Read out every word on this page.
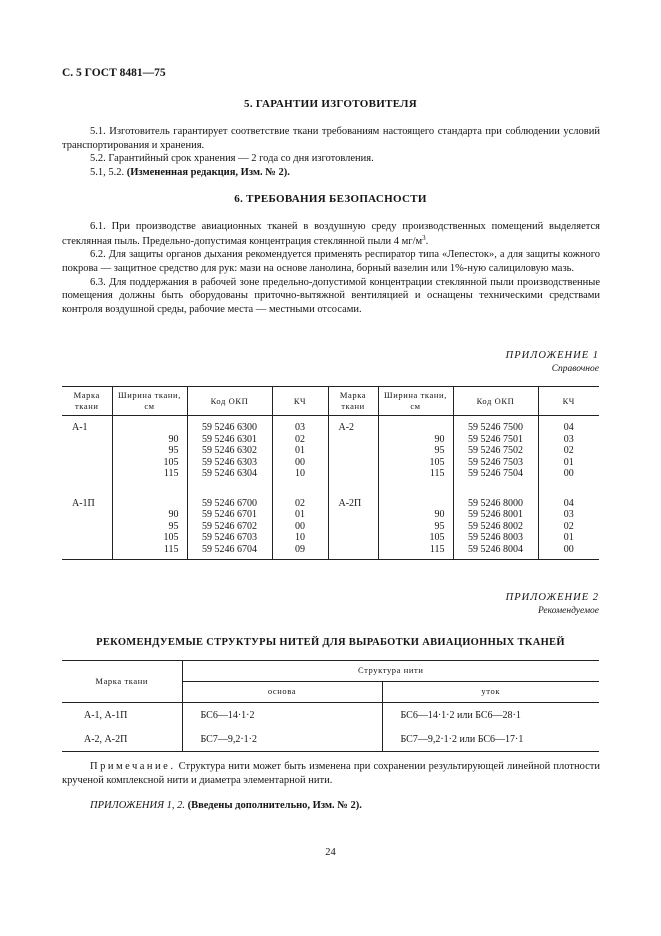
С. 5 ГОСТ 8481—75
5. ГАРАНТИИ ИЗГОТОВИТЕЛЯ

5.1. Изготовитель гарантирует соответствие ткани требованиям настоящего стандарта при соблюдении условий транспортирования и хранения.

5.2. Гарантийный срок хранения — 2 года со дня изготовления.

5.1, 5.2. (Измененная редакция, Изм. № 2).

6. ТРЕБОВАНИЯ БЕЗОПАСНОСТИ

6.1. При производстве авиационных тканей в воздушную среду производственных помещений выделяется стеклянная пыль. Предельно-допустимая концентрация стеклянной пыли 4 $мг/м^3$.

6.2. Для защиты органов дыхания рекомендуется применять респиратор типа «Лепесток», а для защиты кожного покрова — защитное средство для рук: мази на основе ланолина, борный вазелин или 1%-ную салициловую мазь.

6.3. Для поддержания в рабочей зоне предельно-допустимой концентрации стеклянной пыли производственные помещения должны быть оборудованы приточно-вытяжной вентиляцией и оснащены техническими средствами контроля воздушной среды, рабочие места — местными отсосами.

ПРИЛОЖЕНИЕ 1
Справочное
Марка ткани	Ширина ткани, см	Код ОКП	КЧ	Марка ткани	Ширина ткани, см	Код ОКП	КЧ
А-1		59 5246 6300	03	А-2		59 5246 7500	04
	90	59 5246 6301	02		90	59 5246 7501	03
	95	59 5246 6302	01		95	59 5246 7502	02
	105	59 5246 6303	00		105	59 5246 7503	01
	115	59 5246 6304	10		115	59 5246 7504	00

А-1П		59 5246 6700	02	А-2П		59 5246 8000	04
	90	59 5246 6701	01		90	59 5246 8001	03
	95	59 5246 6702	00		95	59 5246 8002	02
	105	59 5246 6703	10		105	59 5246 8003	01
	115	59 5246 6704	09		115	59 5246 8004	00
ПРИЛОЖЕНИЕ 2
Рекомендуемое
РЕКОМЕНДУЕМЫЕ СТРУКТУРЫ НИТЕЙ ДЛЯ ВЫРАБОТКИ АВИАЦИОННЫХ ТКАНЕЙ
Марка ткани	Структура нити	
	основа	уток
А-1, А-1П	БС6—14·1·2	БС6—14·1·2 или БС6—28·1
А-2, А-2П	БС7—9,2·1·2	БС7—9,2·1·2 или БС6—17·1
Примечание. Структура нити может быть изменена при сохранении результирующей линейной плотности крученой комплексной нити и диаметра элементарной нити.
ПРИЛОЖЕНИЯ 1, 2. (Введены дополнительно, Изм. № 2).
24
